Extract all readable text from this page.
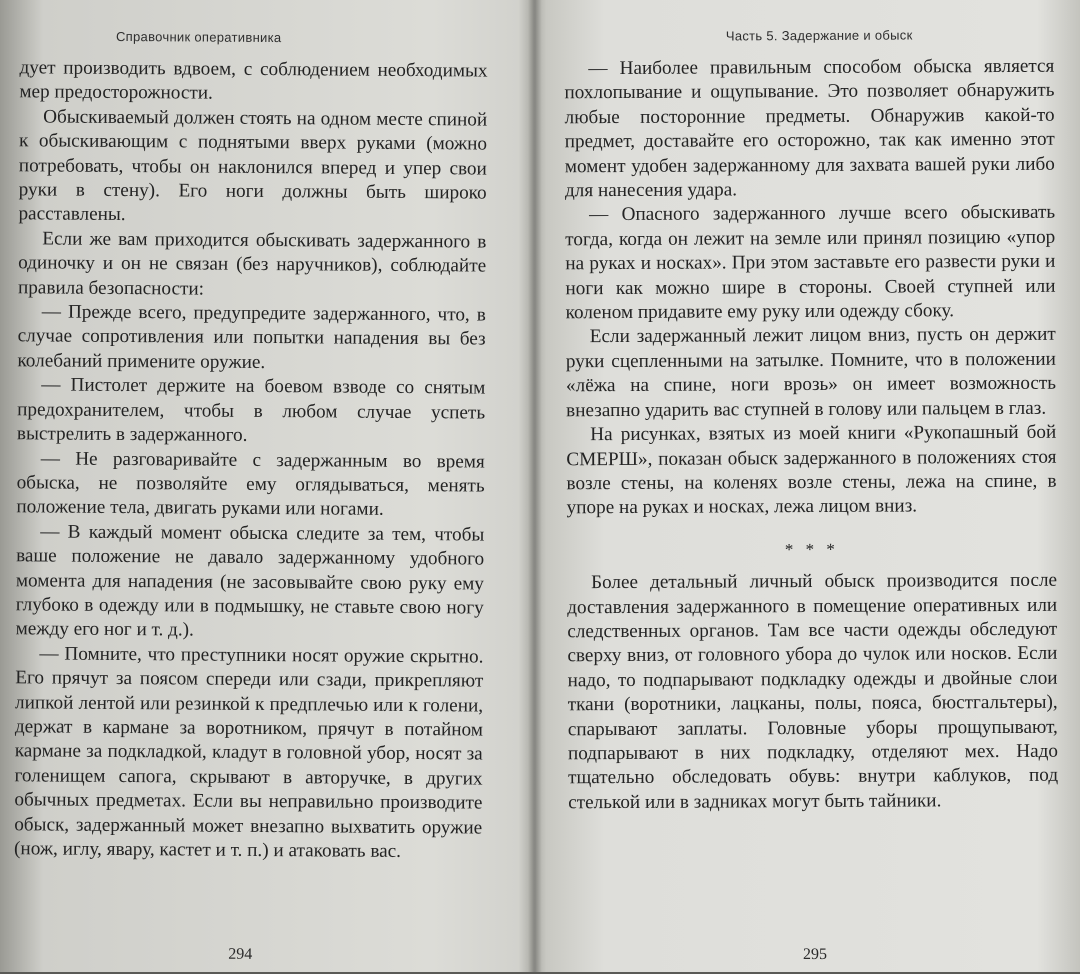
Справочник оперативника

дует производить вдвоем, с соблюдением необходимых мер предосторожности.

Обыскиваемый должен стоять на одном месте спиной к обыскивающим с поднятыми вверх руками (можно потребовать, чтобы он наклонился вперед и упер свои руки в стену). Его ноги должны быть широко расставлены.

Если же вам приходится обыскивать задержанного в одиночку и он не связан (без наручников), соблюдайте правила безопасности:

— Прежде всего, предупредите задержанного, что, в случае сопротивления или попытки нападения вы без колебаний примените оружие.

— Пистолет держите на боевом взводе со снятым предохранителем, чтобы в любом случае успеть выстрелить в задержанного.

— Не разговаривайте с задержанным во время обыска, не позволяйте ему оглядываться, менять положение тела, двигать руками или ногами.

— В каждый момент обыска следите за тем, чтобы ваше положение не давало задержанному удобного момента для нападения (не засовывайте свою руку ему глубоко в одежду или в подмышку, не ставьте свою ногу между его ног и т. д.).

— Помните, что преступники носят оружие скрытно. Его прячут за поясом спереди или сзади, прикрепляют липкой лентой или резинкой к предплечью или к голени, держат в кармане за воротником, прячут в потайном кармане за подкладкой, кладут в головной убор, носят за голенищем сапога, скрывают в авторучке, в других обычных предметах. Если вы неправильно производите обыск, задержанный может внезапно выхватить оружие (нож, иглу, явару, кастет и т. п.) и атаковать вас.

294
Часть 5. Задержание и обыск

— Наиболее правильным способом обыска является похлопывание и ощупывание. Это позволяет обнаружить любые посторонние предметы. Обнаружив какой-то предмет, доставайте его осторожно, так как именно этот момент удобен задержанному для захвата вашей руки либо для нанесения удара.

— Опасного задержанного лучше всего обыскивать тогда, когда он лежит на земле или принял позицию «упор на руках и носках». При этом заставьте его развести руки и ноги как можно шире в стороны. Своей ступней или коленом придавите ему руку или одежду сбоку.

Если задержанный лежит лицом вниз, пусть он держит руки сцепленными на затылке. Помните, что в положении «лёжа на спине, ноги врозь» он имеет возможность внезапно ударить вас ступней в голову или пальцем в глаз.

На рисунках, взятых из моей книги «Рукопашный бой СМЕРШ», показан обыск задержанного в положениях стоя возле стены, на коленях возле стены, лежа на спине, в упоре на руках и носках, лежа лицом вниз.

* * *

Более детальный личный обыск производится после доставления задержанного в помещение оперативных или следственных органов. Там все части одежды обследуют сверху вниз, от головного убора до чулок или носков. Если надо, то подпарывают подкладку одежды и двойные слои ткани (воротники, лацканы, полы, пояса, бюстгальтеры), спарывают заплаты. Головные уборы прощупывают, подпарывают в них подкладку, отделяют мех. Надо тщательно обследовать обувь: внутри каблуков, под стелькой или в задниках могут быть тайники.

295
